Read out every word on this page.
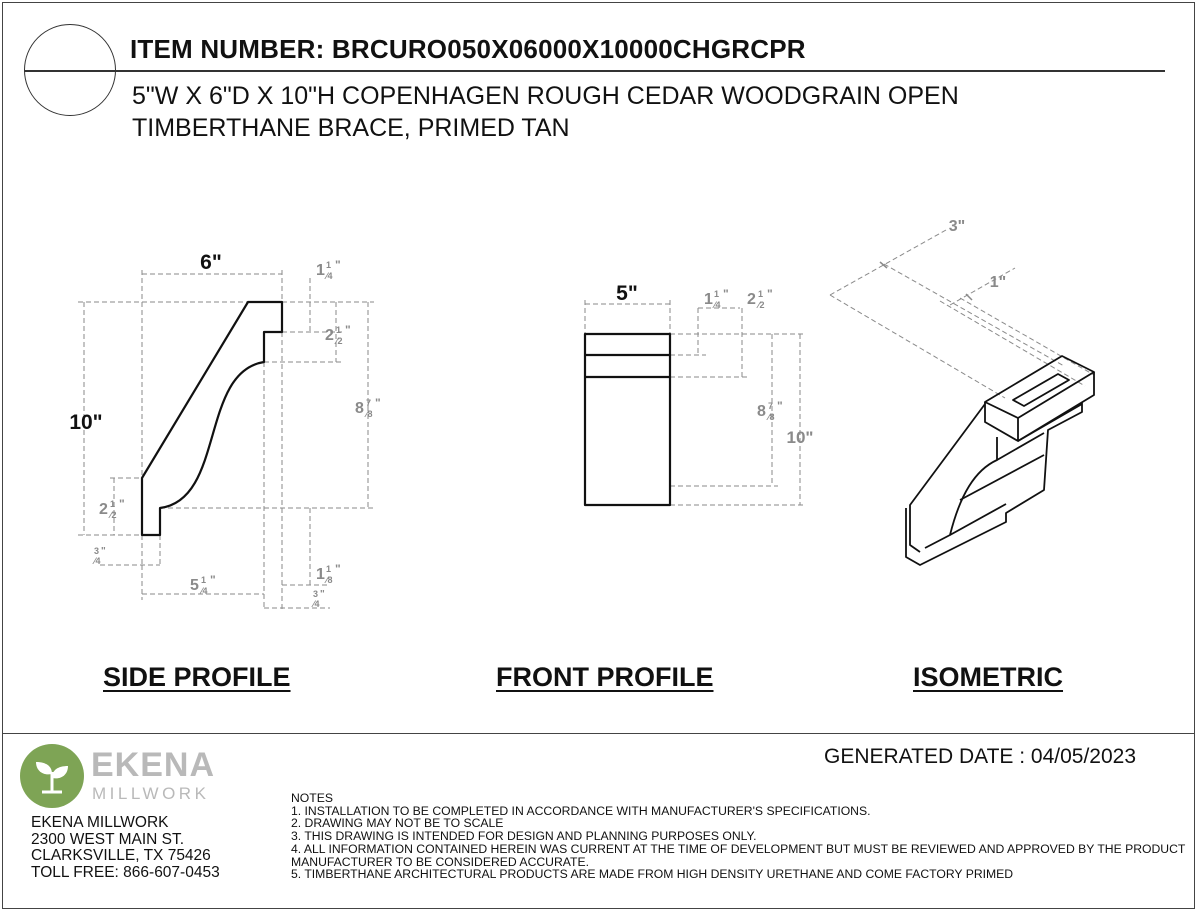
ITEM NUMBER: BRCURO050X06000X10000CHGRCPR
5"W X 6"D X 10"H COPENHAGEN ROUGH CEDAR WOODGRAIN OPEN
TIMBERTHANE BRACE, PRIMED TAN
6"
10"
5"
10"
3"
1"
1 1
⁄4
"
2 1
⁄2
"
8 7
⁄8
"
2 1
⁄2
"
3
⁄4
"
5 1
⁄4
"	1 1
⁄8
"
3
⁄4
"
1 1
⁄4
" 2 1
⁄2
"
8 7
⁄8
"
SIDE PROFILE	FRONT PROFILE	ISOMETRIC
EKENA
MILLWORK
EKENA MILLWORK
2300 WEST MAIN ST.
CLARKSVILLE, TX 75426
TOLL FREE: 866-607-0453
GENERATED DATE : 04/05/2023
NOTES
1. INSTALLATION TO BE COMPLETED IN ACCORDANCE WITH MANUFACTURER'S SPECIFICATIONS.
2. DRAWING MAY NOT BE TO SCALE
3. THIS DRAWING IS INTENDED FOR DESIGN AND PLANNING PURPOSES ONLY.
4. ALL INFORMATION CONTAINED HEREIN WAS CURRENT AT THE TIME OF DEVELOPMENT BUT MUST BE REVIEWED AND APPROVED BY THE PRODUCT MANUFACTURER TO BE CONSIDERED ACCURATE.
5. TIMBERTHANE ARCHITECTURAL PRODUCTS ARE MADE FROM HIGH DENSITY URETHANE AND COME FACTORY PRIMED
